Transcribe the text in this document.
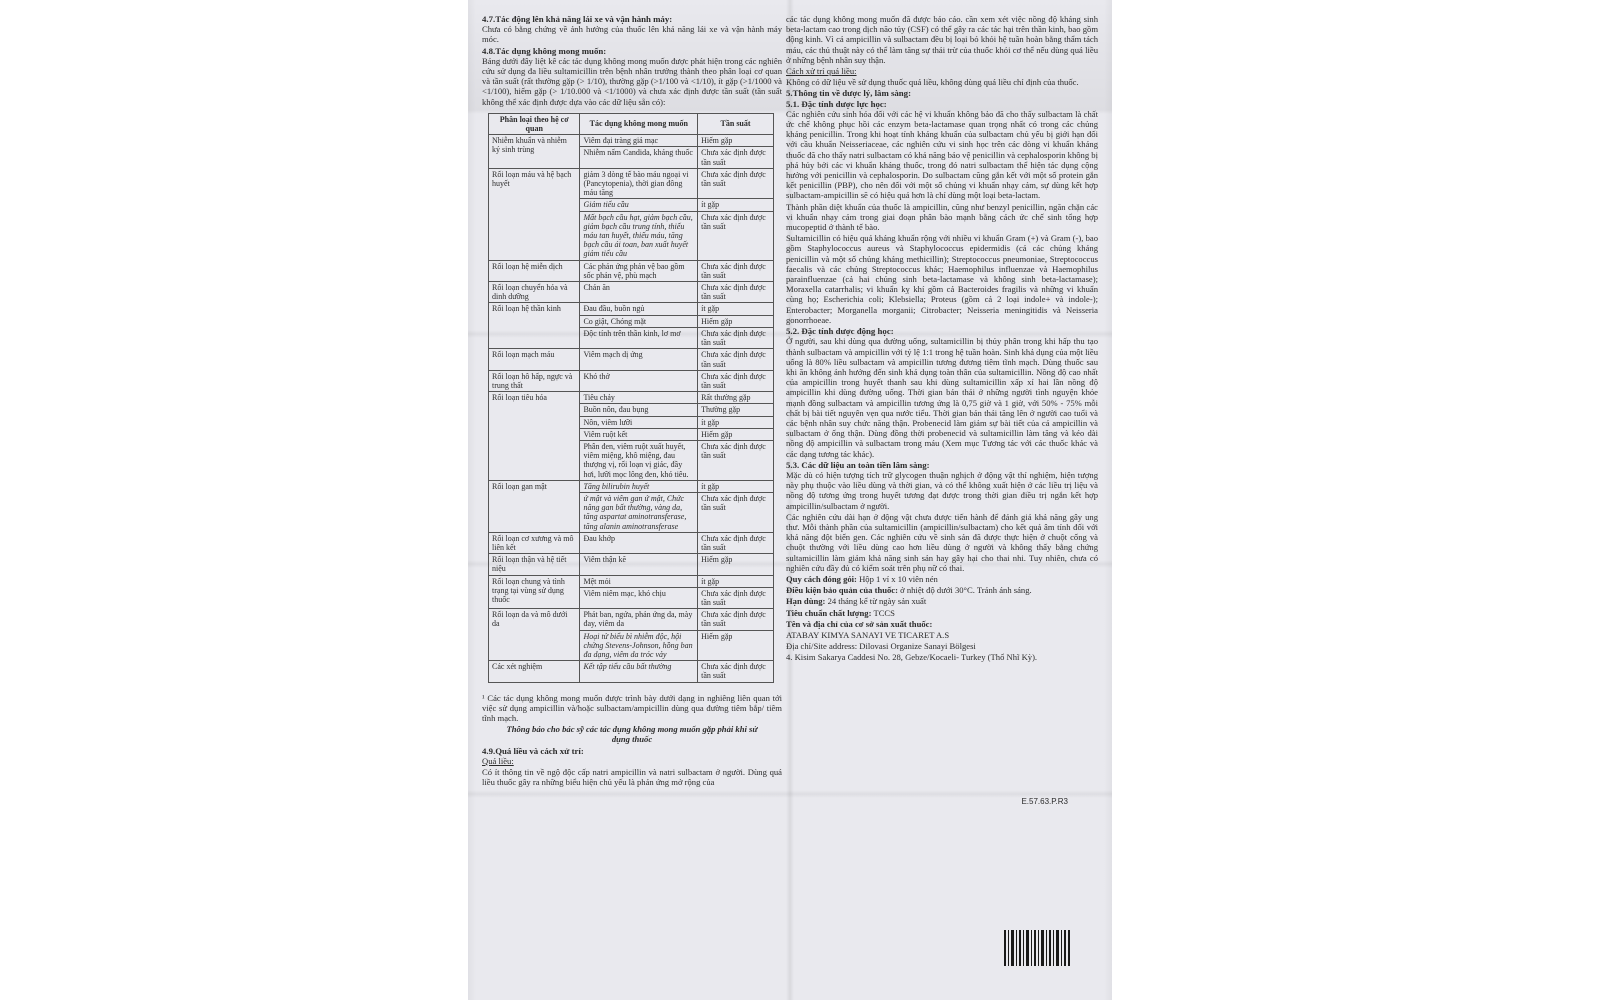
4.7.Tác động lên khả năng lái xe và vận hành máy:

Chưa có bằng chứng về ảnh hưởng của thuốc lên khả năng lái xe và vận hành máy móc.

4.8.Tác dụng không mong muốn:

Bảng dưới đây liệt kê các tác dụng không mong muốn được phát hiện trong các nghiên cứu sử dụng đa liều sultamicillin trên bệnh nhân trưởng thành theo phân loại cơ quan và tần suất (rất thường gặp (> 1/10), thường gặp (>1/100 và <1/10), ít gặp (>1/1000 và <1/100), hiếm gặp (> 1/10.000 và <1/1000) và chưa xác định được tần suất (tần suất không thể xác định được dựa vào các dữ liệu sẵn có):

Phân loại theo hệ cơ quan	Tác dụng không mong muốn	Tần suất
Nhiễm khuẩn và nhiễm ký sinh trùng	Viêm đại tràng giả mạc	Hiếm gặp
	Nhiễm nấm Candida, kháng thuốc	Chưa xác định được tần suất
Rối loạn máu và hệ bạch huyết	giảm 3 dòng tế bào máu ngoại vi (Pancytopenia), thời gian đông máu tăng	Chưa xác định được tần suất
	Giảm tiểu cầu	ít gặp
	Mất bạch cầu hạt, giảm bạch cầu, giảm bạch cầu trung tính, thiếu máu tan huyết, thiếu máu, tăng bạch cầu ái toan, ban xuất huyết giảm tiểu cầu	Chưa xác định được tần suất
Rối loạn hệ miễn dịch	Các phản ứng phản vệ bao gồm sốc phản vệ, phù mạch	Chưa xác định được tần suất
Rối loạn chuyển hóa và dinh dưỡng	Chán ăn	Chưa xác định được tần suất
Rối loạn hệ thần kinh	Đau đầu, buồn ngủ	ít gặp
	Co giật, Chóng mặt	Hiếm gặp
	Độc tính trên thần kinh, lơ mơ	Chưa xác định được tần suất
Rối loạn mạch máu	Viêm mạch dị ứng	Chưa xác định được tần suất
Rối loạn hô hấp, ngực và trung thất	Khó thở	Chưa xác định được tần suất
Rối loạn tiêu hóa	Tiêu chảy	Rất thường gặp
	Buồn nôn, đau bụng	Thường gặp
	Nôn, viêm lưỡi	ít gặp
	Viêm ruột kết	Hiếm gặp
	Phân đen, viêm ruột xuất huyết, viêm miệng, khô miệng, đau thượng vị, rối loạn vị giác, đầy hơi, lưỡi mọc lông đen, khó tiêu.	Chưa xác định được tần suất
Rối loạn gan mật	Tăng bilirubin huyết	ít gặp
	ứ mật và viêm gan ứ mật, Chức năng gan bất thường, vàng da, tăng aspartat aminotransferase, tăng alanin aminotransferase	Chưa xác định được tần suất
Rối loạn cơ xương và mô liên kết	Đau khớp	Chưa xác định được tần suất
Rối loạn thận và hệ tiết niệu	Viêm thận kẽ	Hiếm gặp
Rối loạn chung và tình trạng tại vùng sử dụng thuốc	Mệt mỏi	ít gặp
	Viêm niêm mạc, khó chịu	Chưa xác định được tần suất
Rối loạn da và mô dưới da	Phát ban, ngứa, phản ứng da, mày đay, viêm da	Chưa xác định được tần suất
	Hoại tử biểu bì nhiễm độc, hội chứng Stevens-Johnson, hồng ban đa dạng, viêm da tróc vảy	Hiếm gặp
Các xét nghiệm	Kết tập tiểu cầu bất thường	Chưa xác định được tần suất

¹ Các tác dụng không mong muốn được trình bày dưới dạng in nghiêng liên quan tới việc sử dụng ampicillin và/hoặc sulbactam/ampicillin dùng qua đường tiêm bắp/ tiêm tĩnh mạch.

Thông báo cho bác sỹ các tác dụng không mong muốn gặp phải khi sử dụng thuốc

4.9.Quá liều và cách xử trí:

Quá liều:

Có ít thông tin về ngộ độc cấp natri ampicillin và natri sulbactam ở người. Dùng quá liều thuốc gây ra những biểu hiện chủ yếu là phản ứng mở rộng của

các tác dụng không mong muốn đã được báo cáo. cần xem xét việc nồng độ kháng sinh beta-lactam cao trong dịch não tủy (CSF) có thể gây ra các tác hại trên thần kinh, bao gồm động kinh. Vì cả ampicillin và sulbactam đều bị loại bỏ khỏi hệ tuần hoàn bằng thẩm tách máu, các thủ thuật này có thể làm tăng sự thải trừ của thuốc khỏi cơ thể nếu dùng quá liều ở những bệnh nhân suy thận.

Cách xử trí quá liều:

Không có dữ liệu về sử dụng thuốc quá liều, không dùng quá liều chỉ định của thuốc.

5.Thông tin về dược lý, lâm sàng:
5.1. Đặc tính dược lực học:

Các nghiên cứu sinh hóa đối với các hệ vi khuẩn không bảo đã cho thấy sulbactam là chất ức chế không phục hồi các enzym beta-lactamase quan trọng nhất có trong các chủng kháng penicillin. Trong khi hoạt tính kháng khuẩn của sulbactam chủ yếu bị giới hạn đối với cầu khuẩn Neisseriaceae, các nghiên cứu vi sinh học trên các dòng vi khuẩn kháng thuốc đã cho thấy natri sulbactam có khả năng bảo vệ penicillin và cephalosporin không bị phá hủy bởi các vi khuẩn kháng thuốc, trong đó natri sulbactam thể hiện tác dụng cộng hưởng với penicillin và cephalosporin. Do sulbactam cũng gắn kết với một số protein gắn kết penicillin (PBP), cho nên đối với một số chủng vi khuẩn nhạy cảm, sự dùng kết hợp sulbactam-ampicillin sẽ có hiệu quả hơn là chỉ dùng một loại beta-lactam.

Thành phần diệt khuẩn của thuốc là ampicillin, cũng như benzyl penicillin, ngăn chặn các vi khuẩn nhạy cảm trong giai đoạn phân bào mạnh bằng cách ức chế sinh tổng hợp mucopeptid ở thành tế bào.

Sultamicillin có hiệu quả kháng khuẩn rộng với nhiều vi khuẩn Gram (+) và Gram (-), bao gồm Staphylococcus aureus và Staphylococcus epidermidis (cả các chủng kháng penicillin và một số chủng kháng methicillin); Streptococcus pneumoniae, Streptococcus faecalis và các chủng Streptococcus khác; Haemophilus influenzae và Haemophilus parainfluenzae (cả hai chủng sinh beta-lactamase và không sinh beta-lactamase); Moraxella catarrhalis; vi khuẩn kỵ khí gồm cả Bacteroides fragilis và những vi khuẩn cùng họ; Escherichia coli; Klebsiella; Proteus (gồm cả 2 loại indole+ và indole-); Enterobacter; Morganella morganii; Citrobacter; Neisseria meningitidis và Neisseria gonorrhoeae.

5.2. Đặc tính dược động học:

Ở người, sau khi dùng qua đường uống, sultamicillin bị thủy phân trong khi hấp thu tạo thành sulbactam và ampicillin với tỷ lệ 1:1 trong hệ tuần hoàn. Sinh khả dụng của một liều uống là 80% liều sulbactam và ampicillin tương đương tiêm tĩnh mạch. Dùng thuốc sau khi ăn không ảnh hưởng đến sinh khả dụng toàn thân của sultamicillin. Nồng độ cao nhất của ampicillin trong huyết thanh sau khi dùng sultamicillin xấp xỉ hai lần nồng độ ampicillin khi dùng đường uống. Thời gian bán thải ở những người tình nguyện khỏe mạnh đồng sulbactam và ampicillin tương ứng là 0,75 giờ và 1 giờ, với 50% - 75% mỗi chất bị bài tiết nguyên vẹn qua nước tiểu. Thời gian bán thải tăng lên ở người cao tuổi và các bệnh nhân suy chức năng thận. Probenecid làm giảm sự bài tiết của cả ampicillin và sulbactam ở ống thận. Dùng đồng thời probenecid và sultamicillin làm tăng và kéo dài nồng độ ampicillin và sulbactam trong máu (Xem mục Tương tác với các thuốc khác và các dạng tương tác khác).

5.3. Các dữ liệu an toàn tiền lâm sàng:

Mặc dù có hiện tượng tích trữ glycogen thuận nghịch ở động vật thí nghiệm, hiện tượng này phụ thuộc vào liều dùng và thời gian, và có thể không xuất hiện ở các liều trị liệu và nồng độ tương ứng trong huyết tương đạt được trong thời gian điều trị ngắn kết hợp ampicillin/sulbactam ở người.

Các nghiên cứu dài hạn ở động vật chưa được tiến hành để đánh giá khả năng gây ung thư. Mỗi thành phần của sultamicillin (ampicillin/sulbactam) cho kết quả âm tính đối với khả năng đột biến gen. Các nghiên cứu về sinh sản đã được thực hiện ở chuột cống và chuột thường với liều dùng cao hơn liều dùng ở người và không thấy bằng chứng sultamicillin làm giảm khả năng sinh sản hay gây hại cho thai nhi. Tuy nhiên, chưa có nghiên cứu đầy đủ có kiểm soát trên phụ nữ có thai.

Quy cách đóng gói: Hộp 1 vỉ x 10 viên nén

Điều kiện bảo quản của thuốc: ở nhiệt độ dưới 30°C. Tránh ánh sáng.

Hạn dùng: 24 tháng kể từ ngày sản xuất

Tiêu chuẩn chất lượng: TCCS

Tên và địa chỉ của cơ sở sản xuất thuốc:

ATABAY KIMYA SANAYI VE TICARET A.S

Địa chỉ/Site address: Dilovasi Organize Sanayi Bölgesi

4. Kisim Sakarya Caddesi No. 28, Gebze/Kocaeli- Turkey (Thổ Nhĩ Kỳ).

E.57.63.P.R3
